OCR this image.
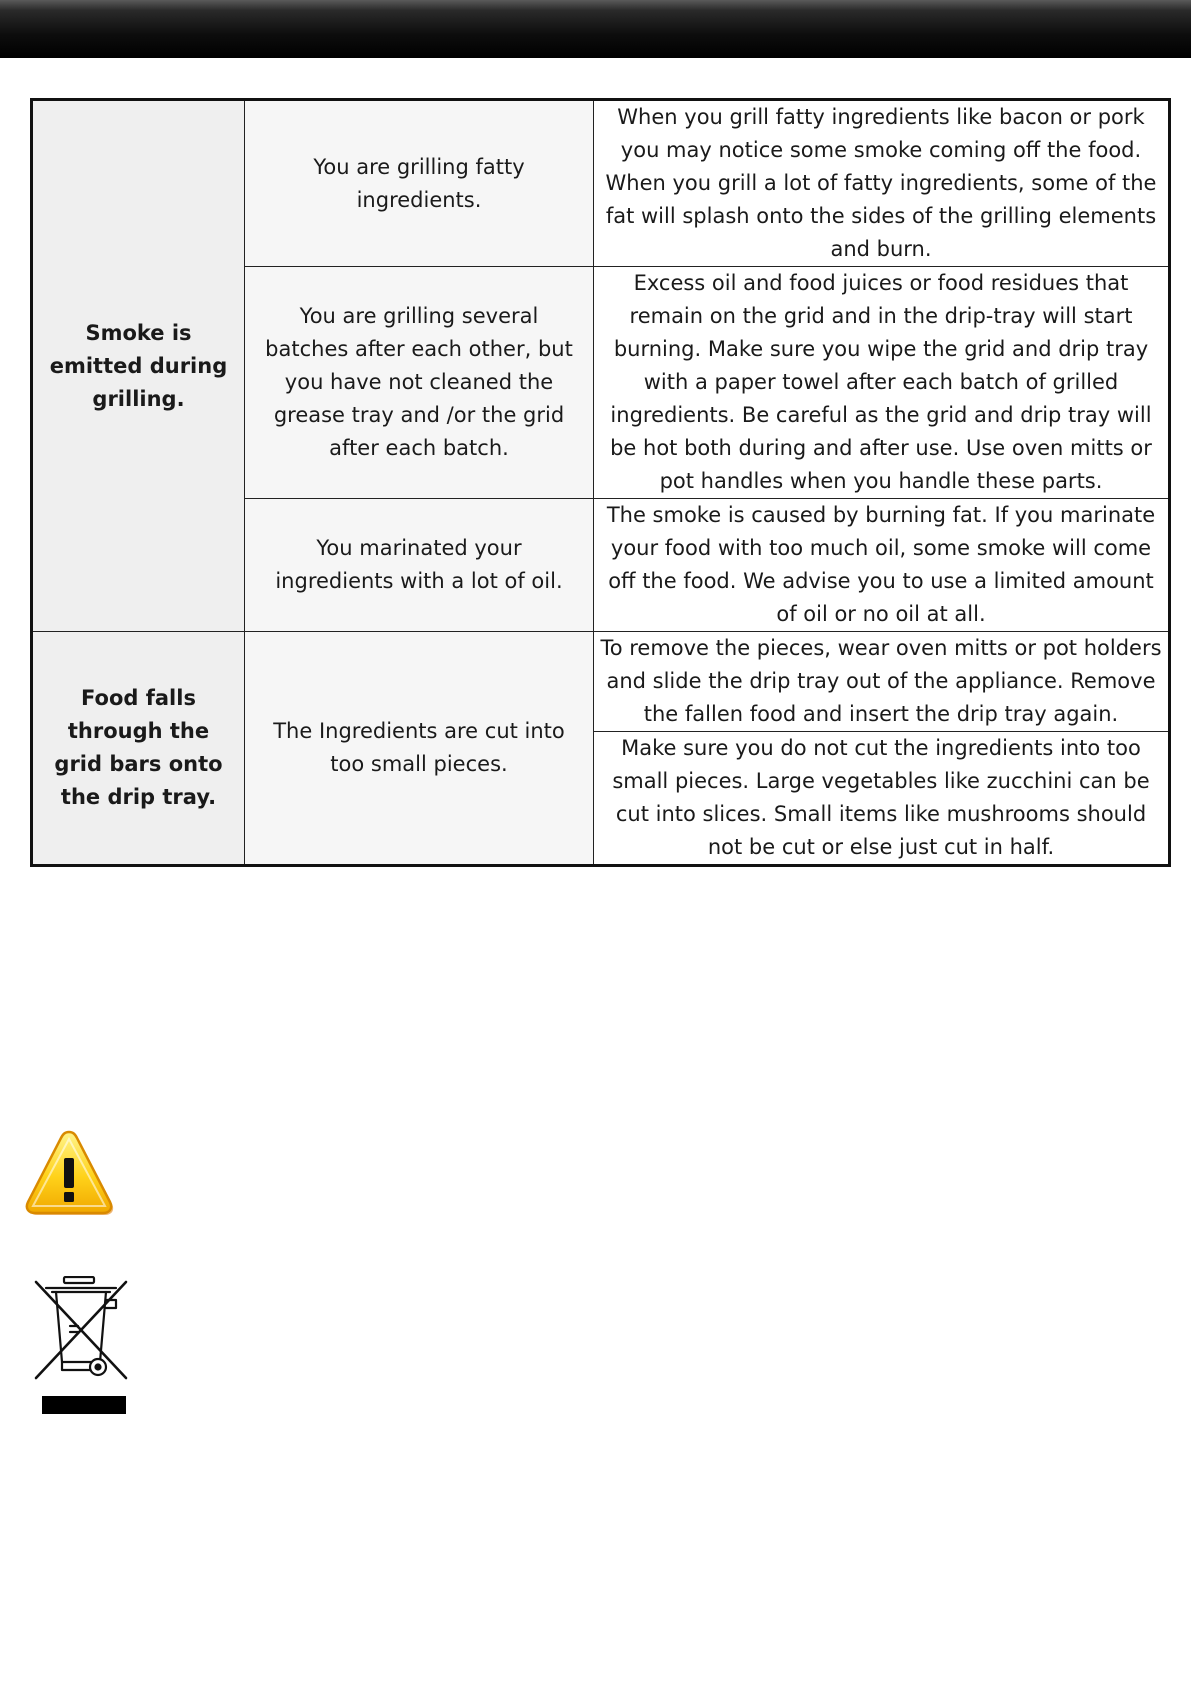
Smoke is emitted during grilling.	You are grilling fatty ingredients.	When you grill fatty ingredients like bacon or pork you may notice some smoke coming off the food. When you grill a lot of fatty ingredients, some of the fat will splash onto the sides of the grilling elements and burn.
	You are grilling several batches after each other, but you have not cleaned the grease tray and /or the grid after each batch.	Excess oil and food juices or food residues that remain on the grid and in the drip-tray will start burning. Make sure you wipe the grid and drip tray with a paper towel after each batch of grilled ingredients. Be careful as the grid and drip tray will be hot both during and after use. Use oven mitts or pot handles when you handle these parts.
	You marinated your ingredients with a lot of oil.	The smoke is caused by burning fat. If you marinate your food with too much oil, some smoke will come off the food. We advise you to use a limited amount of oil or no oil at all.

Food falls through the grid bars onto the drip tray.	The Ingredients are cut into too small pieces.	To remove the pieces, wear oven mitts or pot holders and slide the drip tray out of the appliance. Remove the fallen food and insert the drip tray again.
		Make sure you do not cut the ingredients into too small pieces. Large vegetables like zucchini can be cut into slices. Small items like mushrooms should not be cut or else just cut in half.
